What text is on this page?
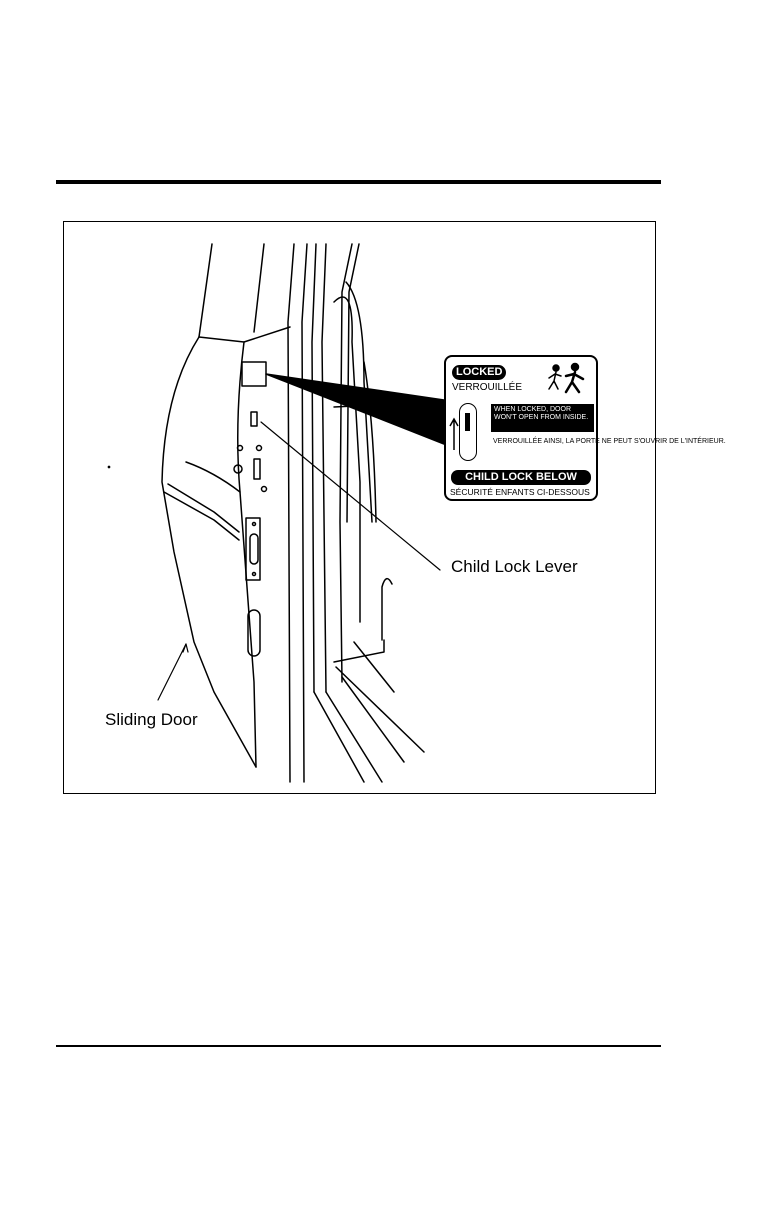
Child Lock Lever
Sliding Door
LOCKED
VERROUILLÉE
WHEN LOCKED, DOOR WON'T OPEN FROM INSIDE.
VERROUILLÉE AINSI, LA PORTE NE PEUT S'OUVRIR DE L'INTÉRIEUR.
CHILD LOCK BELOW
SÉCURITÉ ENFANTS CI-DESSOUS
